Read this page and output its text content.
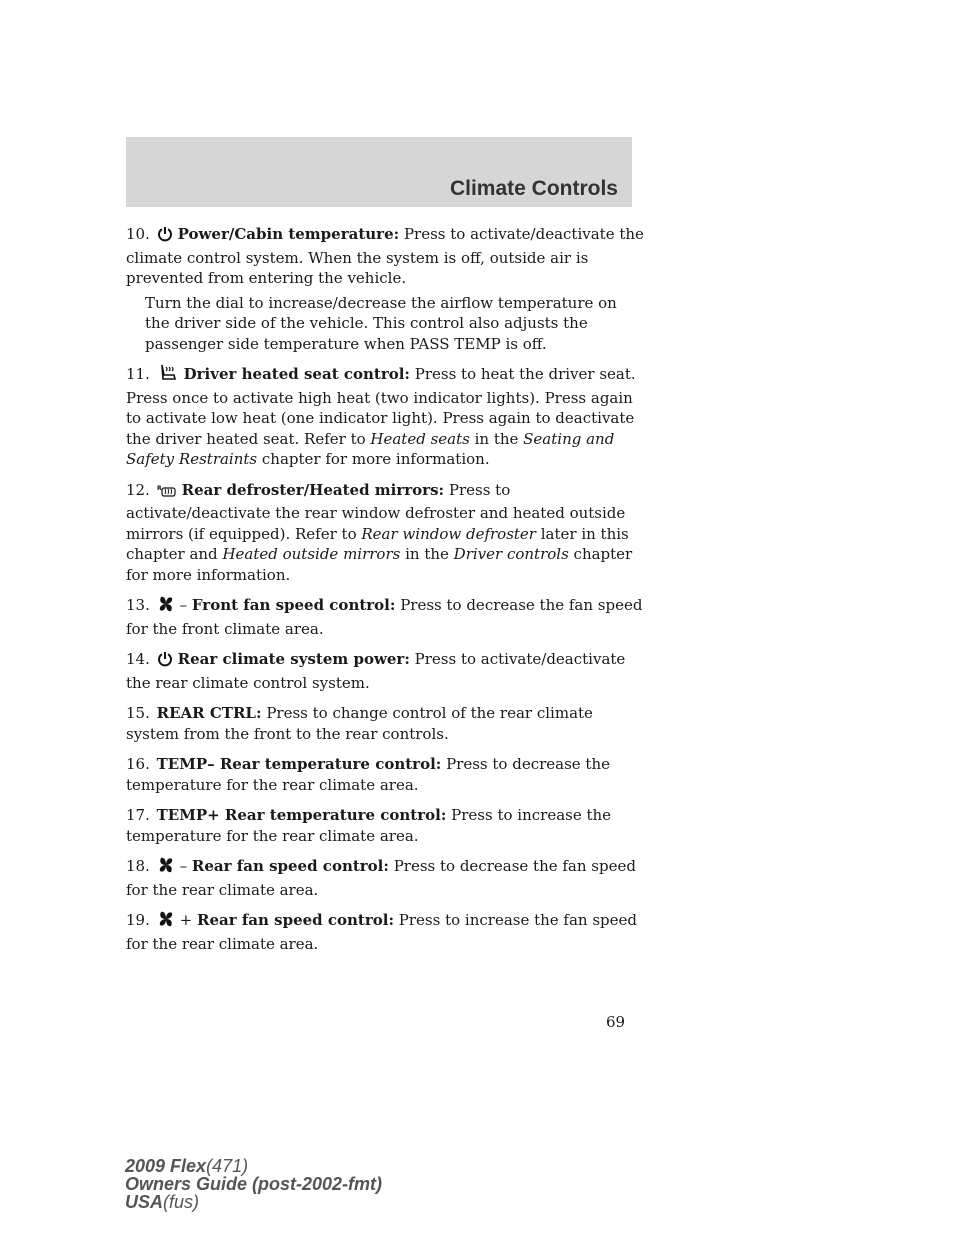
Climate Controls

10. Power/Cabin temperature: Press to activate/deactivate the climate control system. When the system is off, outside air is prevented from entering the vehicle.

Turn the dial to increase/decrease the airflow temperature on the driver side of the vehicle. This control also adjusts the passenger side temperature when PASS TEMP is off.

11. Driver heated seat control: Press to heat the driver seat. Press once to activate high heat (two indicator lights). Press again to activate low heat (one indicator light). Press again to deactivate the driver heated seat. Refer to Heated seats in the Seating and Safety Restraints chapter for more information.

12. R Rear defroster/Heated mirrors: Press to activate/deactivate the rear window defroster and heated outside mirrors (if equipped). Refer to Rear window defroster later in this chapter and Heated outside mirrors in the Driver controls chapter for more information.

13. – Front fan speed control: Press to decrease the fan speed for the front climate area.

14. Rear climate system power: Press to activate/deactivate the rear climate control system.

15. REAR CTRL: Press to change control of the rear climate system from the front to the rear controls.

16. TEMP– Rear temperature control: Press to decrease the temperature for the rear climate area.

17. TEMP+ Rear temperature control: Press to increase the temperature for the rear climate area.

18. – Rear fan speed control: Press to decrease the fan speed for the rear climate area.

19. + Rear fan speed control: Press to increase the fan speed for the rear climate area.

69
2009 Flex(471)
Owners Guide (post-2002-fmt)
USA(fus)
